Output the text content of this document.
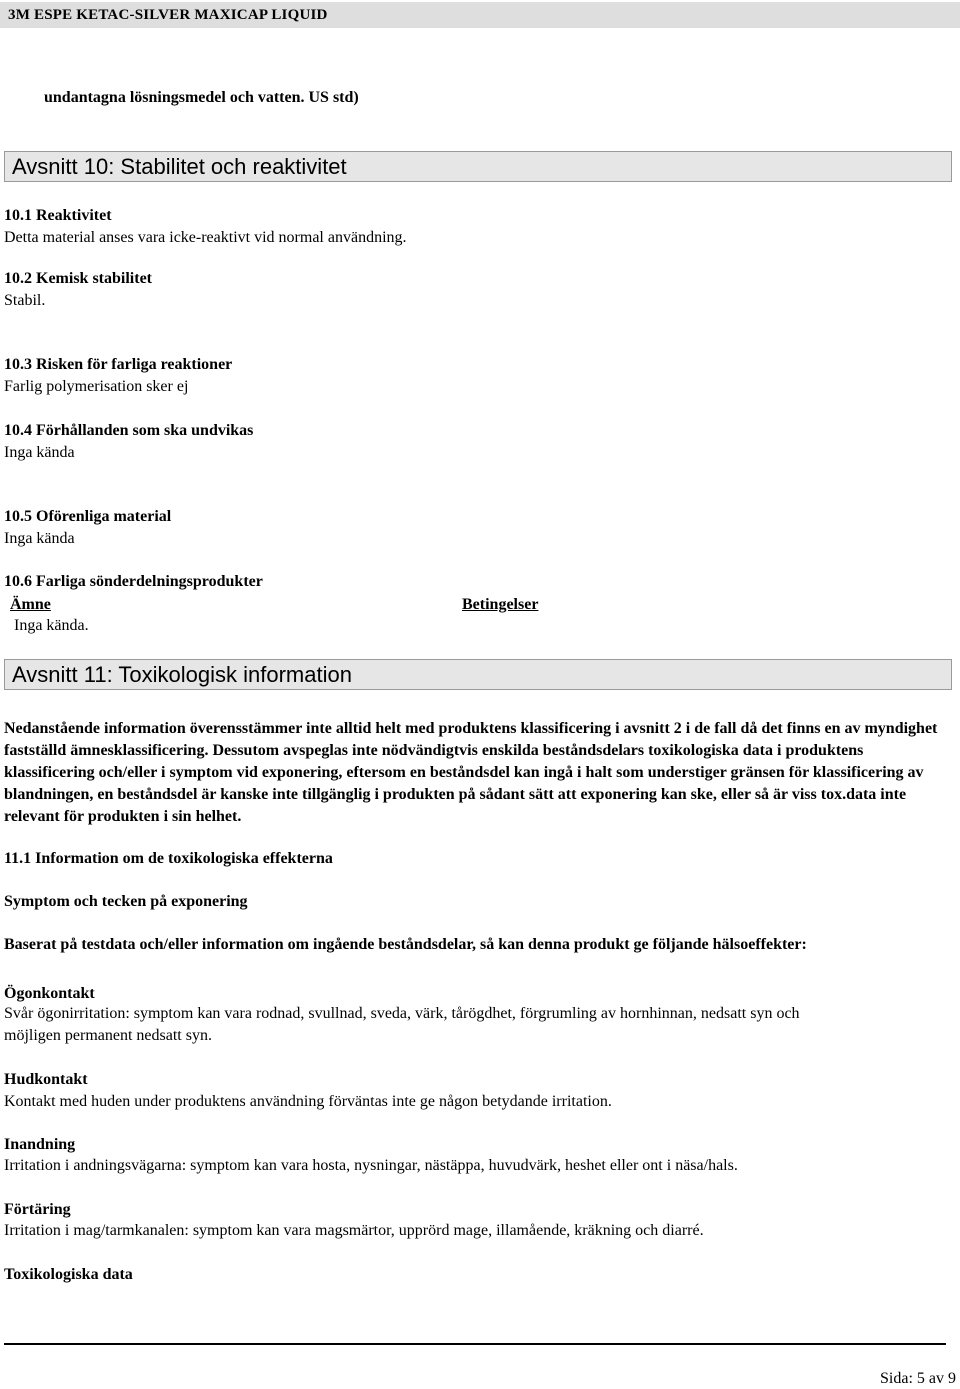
3M ESPE KETAC-SILVER MAXICAP LIQUID
undantagna lösningsmedel och vatten. US std)
Avsnitt 10: Stabilitet och reaktivitet
10.1 Reaktivitet
Detta material anses vara icke-reaktivt vid normal användning.
10.2 Kemisk stabilitet
Stabil.
10.3 Risken för farliga reaktioner
Farlig polymerisation sker ej
10.4 Förhållanden som ska undvikas
Inga kända
10.5 Oförenliga material
Inga kända
10.6 Farliga sönderdelningsprodukter
Ämne	Betingelser
Inga kända.
Avsnitt 11: Toxikologisk information
Nedanstående information överensstämmer inte alltid helt med produktens klassificering i avsnitt 2 i de fall då det finns en av myndighet fastställd ämnesklassificering. Dessutom avspeglas inte nödvändigtvis enskilda beståndsdelars toxikologiska data i produktens klassificering och/eller i symptom vid exponering, eftersom en beståndsdel kan ingå i halt som understiger gränsen för klassificering av blandningen, en beståndsdel är kanske inte tillgänglig i produkten på sådant sätt att exponering kan ske, eller så är viss tox.data inte relevant för produkten i sin helhet.
11.1 Information om de toxikologiska effekterna
Symptom och tecken på exponering
Baserat på testdata och/eller information om ingående beståndsdelar, så kan denna produkt ge följande hälsoeffekter:
Ögonkontakt
Svår ögonirritation: symptom kan vara rodnad, svullnad, sveda, värk, tårögdhet, förgrumling av hornhinnan, nedsatt syn och
möjligen permanent nedsatt syn.
Hudkontakt
Kontakt med huden under produktens användning förväntas inte ge någon betydande irritation.
Inandning
Irritation i andningsvägarna: symptom kan vara hosta, nysningar, nästäppa, huvudvärk, heshet eller ont i näsa/hals.
Förtäring
Irritation i mag/tarmkanalen: symptom kan vara magsmärtor, upprörd mage, illamående, kräkning och diarré.
Toxikologiska data
Sida: 5 av 9
